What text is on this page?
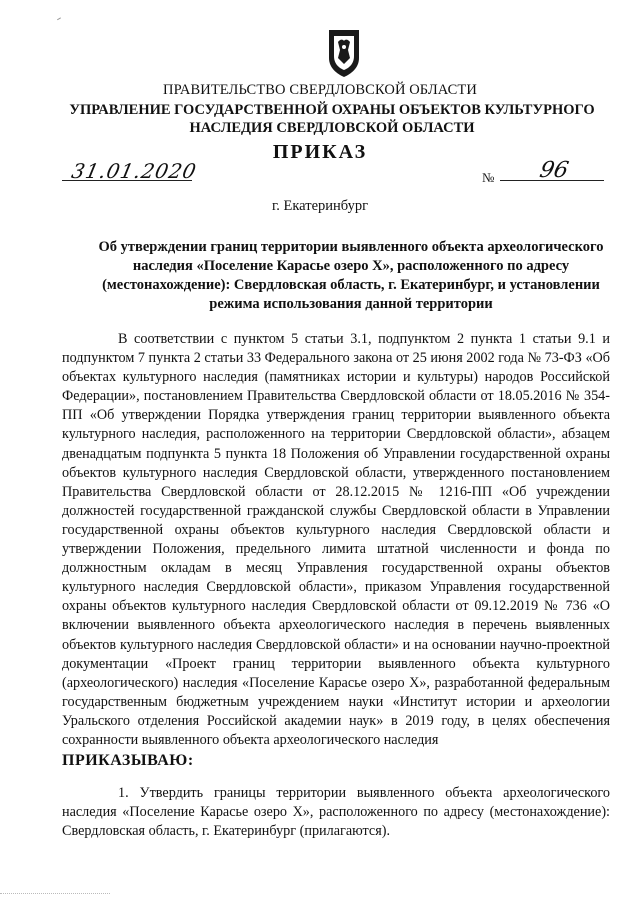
ПРАВИТЕЛЬСТВО СВЕРДЛОВСКОЙ ОБЛАСТИ
УПРАВЛЕНИЕ ГОСУДАРСТВЕННОЙ ОХРАНЫ ОБЪЕКТОВ КУЛЬТУРНОГО НАСЛЕДИЯ СВЕРДЛОВСКОЙ ОБЛАСТИ
ПРИКАЗ
31.01.2020	№ 96
г. Екатеринбург
Об утверждении границ территории выявленного объекта археологического наследия «Поселение Карасье озеро Х», расположенного по адресу (местонахождение): Свердловская область, г. Екатеринбург, и установлении режима использования данной территории

В соответствии с пунктом 5 статьи 3.1, подпунктом 2 пункта 1 статьи 9.1 и подпунктом 7 пункта 2 статьи 33 Федерального закона от 25 июня 2002 года № 73-ФЗ «Об объектах культурного наследия (памятниках истории и культуры) народов Российской Федерации», постановлением Правительства Свердловской области от 18.05.2016 № 354-ПП «Об утверждении Порядка утверждения границ территории выявленного объекта культурного наследия, расположенного на территории Свердловской области», абзацем двенадцатым подпункта 5 пункта 18 Положения об Управлении государственной охраны объектов культурного наследия Свердловской области, утвержденного постановлением Правительства Свердловской области от 28.12.2015 № 1216-ПП «Об учреждении должностей государственной гражданской службы Свердловской области в Управлении государственной охраны объектов культурного наследия Свердловской области и утверждении Положения, предельного лимита штатной численности и фонда по должностным окладам в месяц Управления государственной охраны объектов культурного наследия Свердловской области», приказом Управления государственной охраны объектов культурного наследия Свердловской области от 09.12.2019 № 736 «О включении выявленного объекта археологического наследия в перечень выявленных объектов культурного наследия Свердловской области» и на основании научно-проектной документации «Проект границ территории выявленного объекта культурного (археологического) наследия «Поселение Карасье озеро Х», разработанной федеральным государственным бюджетным учреждением науки «Институт истории и археологии Уральского отделения Российской академии наук» в 2019 году, в целях обеспечения сохранности выявленного объекта археологического наследия

ПРИКАЗЫВАЮ:

1. Утвердить границы территории выявленного объекта археологического наследия «Поселение Карасье озеро Х», расположенного по адресу (местонахождение): Свердловская область, г. Екатеринбург (прилагаются).
